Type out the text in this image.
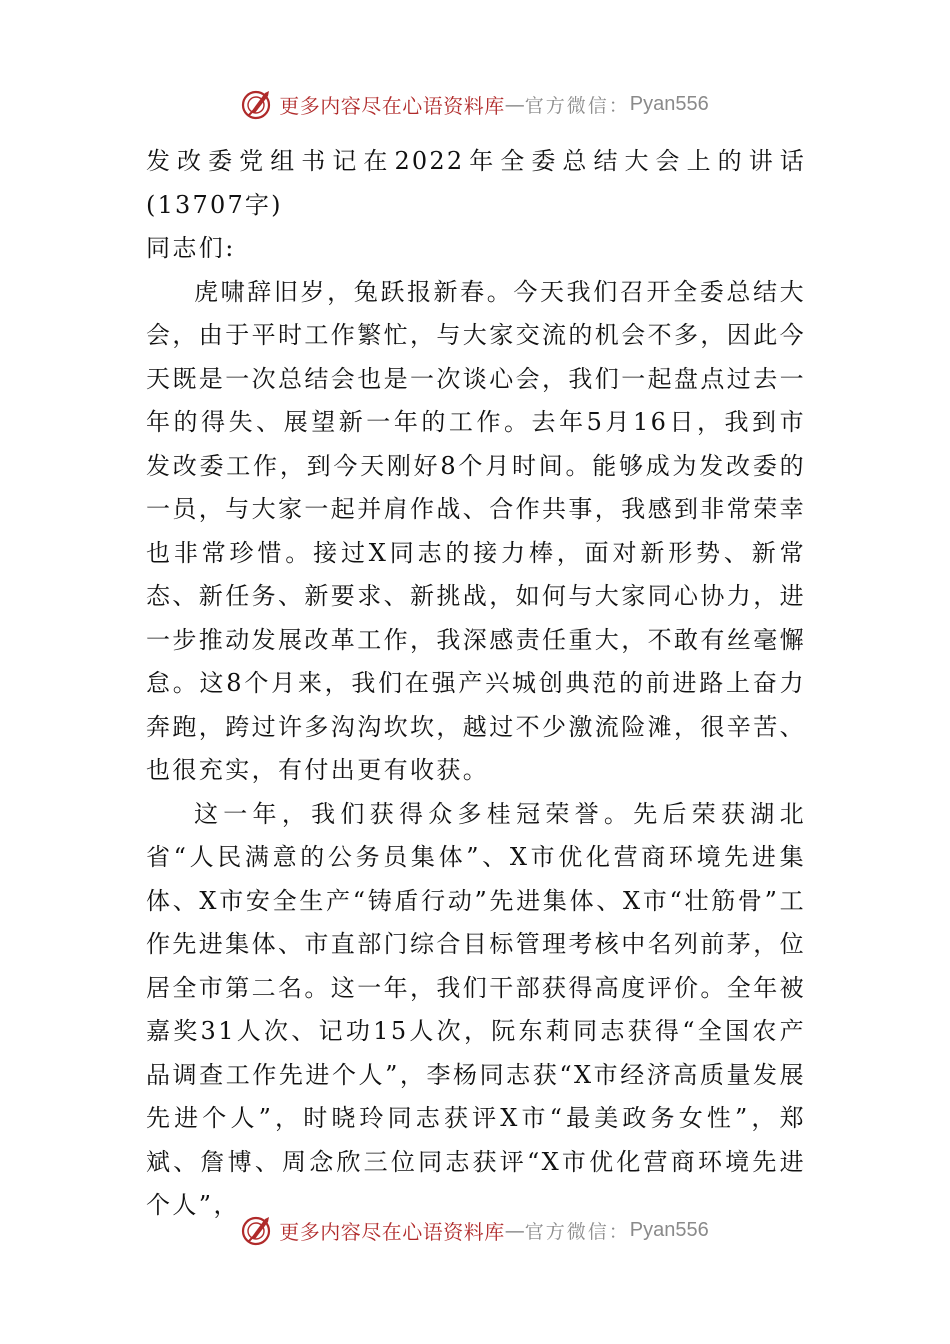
更多内容尽在心语资料库 — 官方微信： Pyan556

发改委党组书记在2022年全委总结大会上的讲话(13707字)

同志们:

虎啸辞旧岁，兔跃报新春。今天我们召开全委总结大会，由于平时工作繁忙，与大家交流的机会不多，因此今天既是一次总结会也是一次谈心会，我们一起盘点过去一年的得失、展望新一年的工作。去年5月16日，我到市发改委工作，到今天刚好8个月时间。能够成为发改委的一员，与大家一起并肩作战、合作共事，我感到非常荣幸也非常珍惜。接过X同志的接力棒，面对新形势、新常态、新任务、新要求、新挑战，如何与大家同心协力，进一步推动发展改革工作，我深感责任重大，不敢有丝毫懈怠。这8个月来，我们在强产兴城创典范的前进路上奋力奔跑，跨过许多沟沟坎坎，越过不少激流险滩，很辛苦、也很充实，有付出更有收获。

这一年，我们获得众多桂冠荣誉。先后荣获湖北省“人民满意的公务员集体”、X市优化营商环境先进集体、X市安全生产“铸盾行动”先进集体、X市“壮筋骨”工作先进集体、市直部门综合目标管理考核中名列前茅，位居全市第二名。这一年，我们干部获得高度评价。全年被嘉奖31人次、记功15人次，阮东莉同志获得“全国农产品调查工作先进个人”，李杨同志获“X市经济高质量发展先进个人”，时晓玲同志获评X市“最美政务女性”，郑斌、詹博、周念欣三位同志获评“X市优化营商环境先进个人”，

更多内容尽在心语资料库 — 官方微信： Pyan556
